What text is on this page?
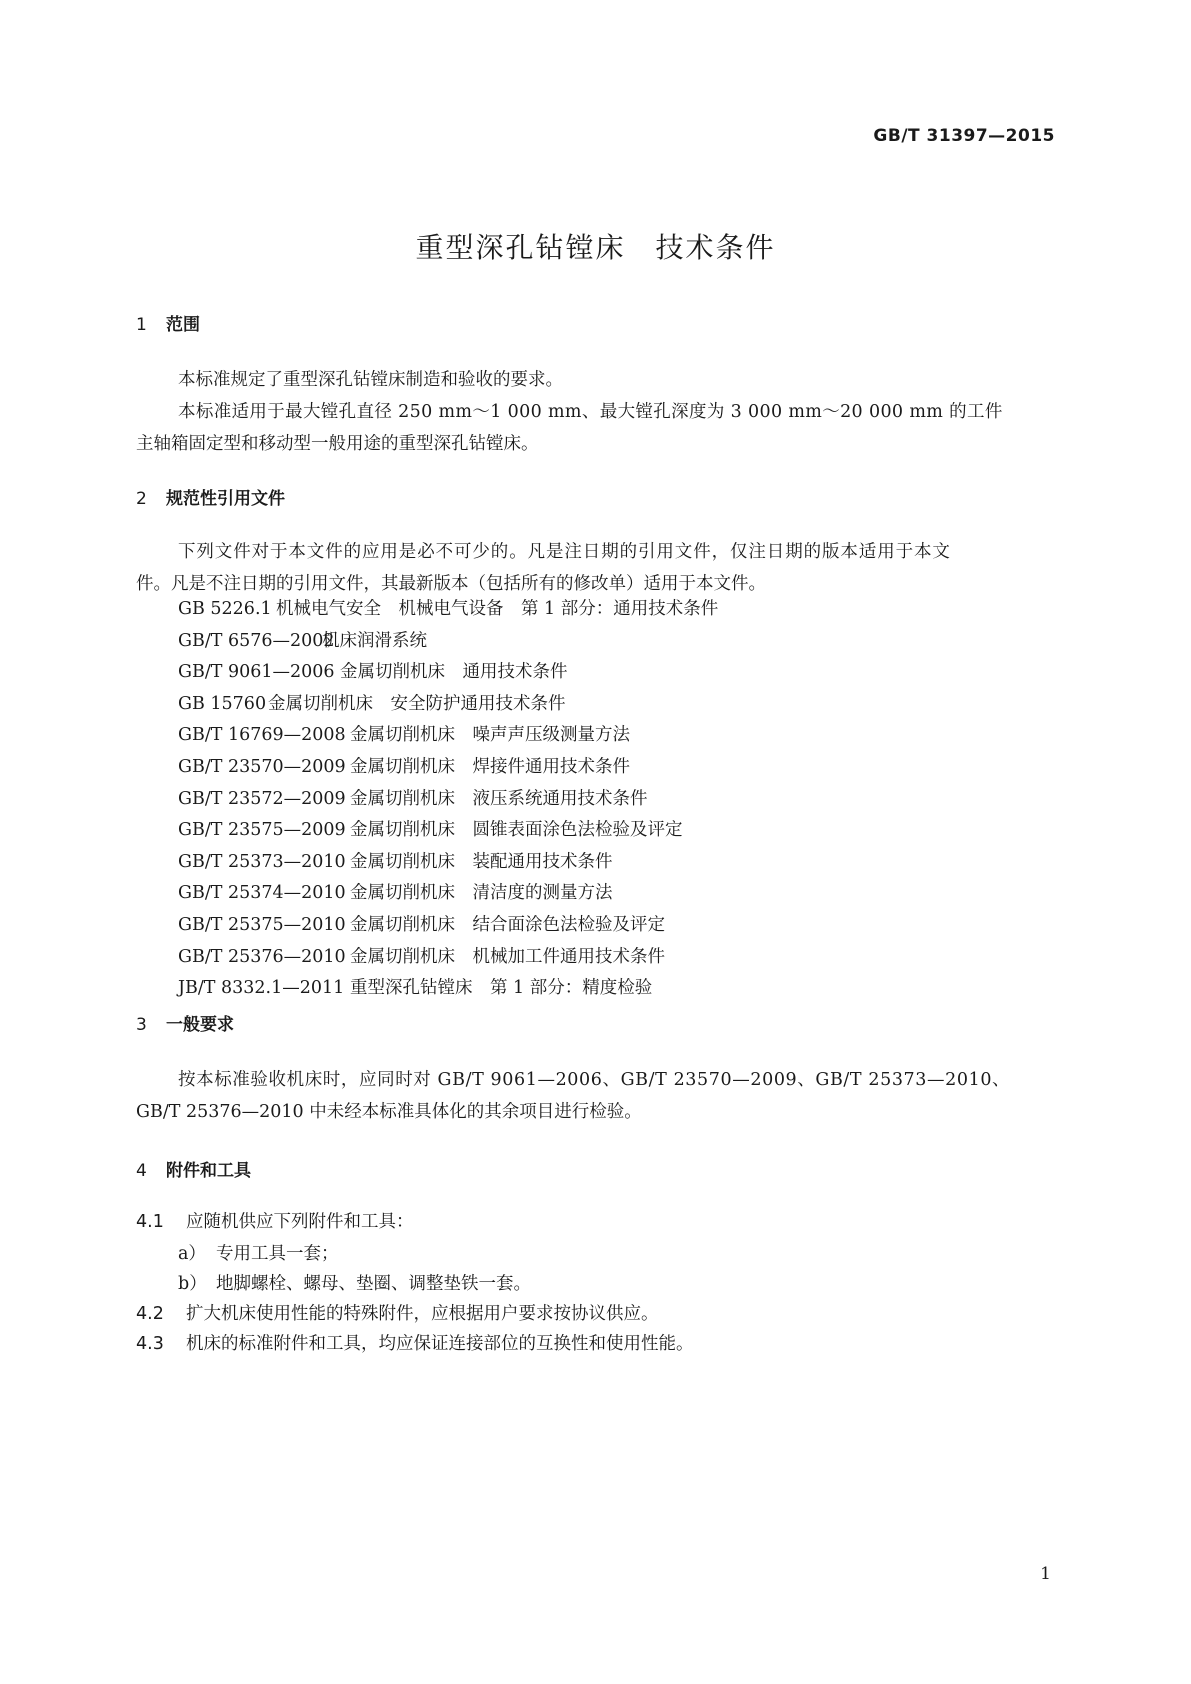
GB/T 31397—2015
重型深孔钻镗床　技术条件
1 范围
本标准规定了重型深孔钻镗床制造和验收的要求。
本标准适用于最大镗孔直径 250 mm～1 000 mm、最大镗孔深度为 3 000 mm～20 000 mm 的工件
主轴箱固定型和移动型一般用途的重型深孔钻镗床。
2 规范性引用文件
下列文件对于本文件的应用是必不可少的。凡是注日期的引用文件，仅注日期的版本适用于本文
件。凡是不注日期的引用文件，其最新版本（包括所有的修改单）适用于本文件。
GB 5226.1 机械电气安全　机械电气设备　第 1 部分：通用技术条件
GB/T 6576—2002机床润滑系统
GB/T 9061—2006 金属切削机床　通用技术条件
GB 15760 金属切削机床　安全防护通用技术条件
GB/T 16769—2008 金属切削机床　噪声声压级测量方法
GB/T 23570—2009 金属切削机床　焊接件通用技术条件
GB/T 23572—2009 金属切削机床　液压系统通用技术条件
GB/T 23575—2009 金属切削机床　圆锥表面涂色法检验及评定
GB/T 25373—2010 金属切削机床　装配通用技术条件
GB/T 25374—2010 金属切削机床　清洁度的测量方法
GB/T 25375—2010 金属切削机床　结合面涂色法检验及评定
GB/T 25376—2010 金属切削机床　机械加工件通用技术条件
JB/T 8332.1—2011 重型深孔钻镗床　第 1 部分：精度检验
3 一般要求
按本标准验收机床时，应同时对 GB/T 9061—2006、GB/T 23570—2009、GB/T 25373—2010、
GB/T 25376—2010 中未经本标准具体化的其余项目进行检验。
4 附件和工具
4.1 应随机供应下列附件和工具：
a） 专用工具一套；
b） 地脚螺栓、螺母、垫圈、调整垫铁一套。
4.2 扩大机床使用性能的特殊附件，应根据用户要求按协议供应。
4.3 机床的标准附件和工具，均应保证连接部位的互换性和使用性能。
1
